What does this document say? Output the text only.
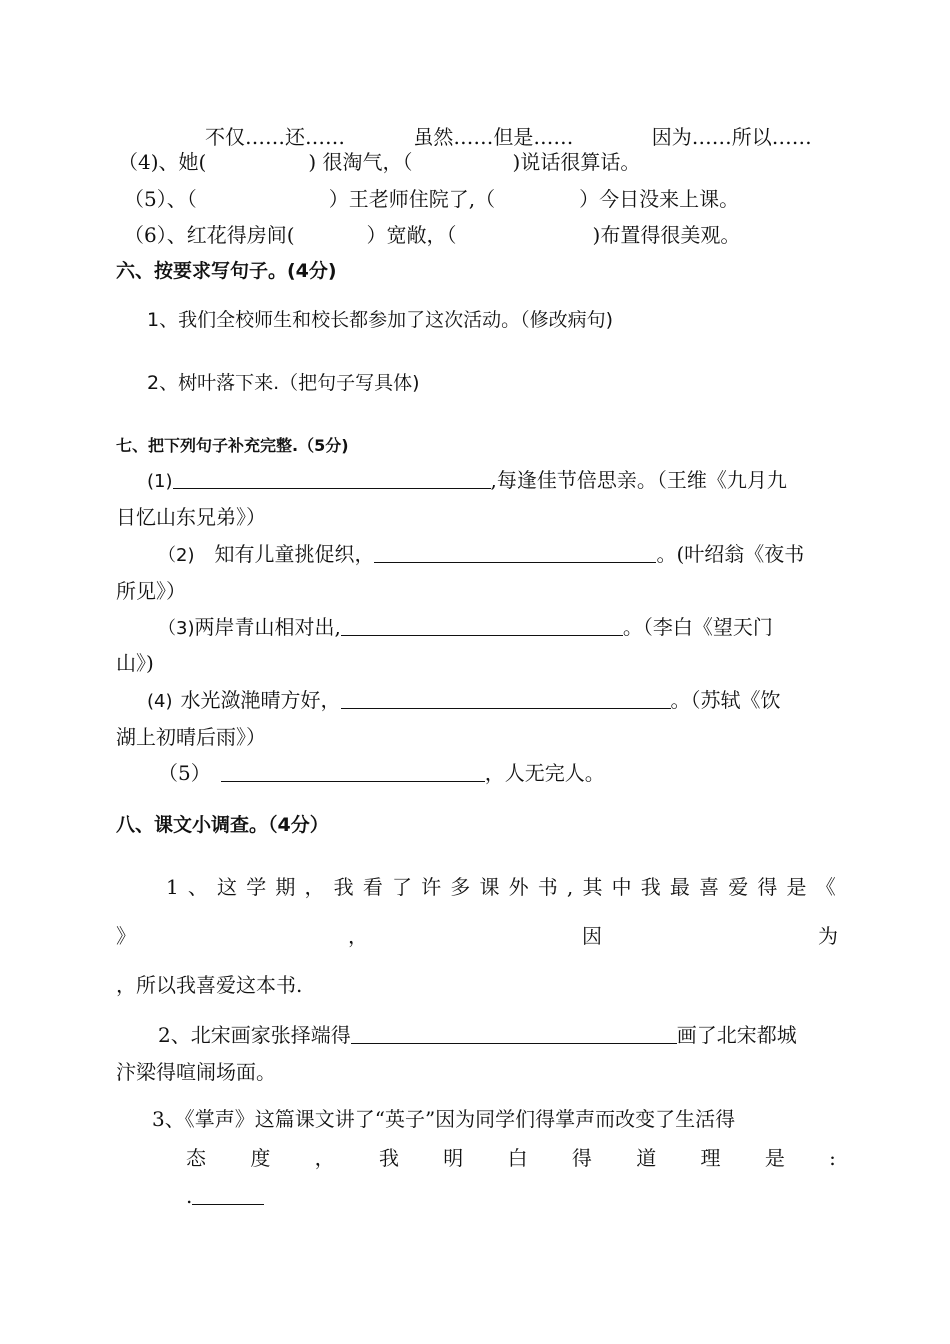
不仅……还……	虽然……但是……	因为……所以……
（4)、她(	) 很淘气，（	)说话很算话。
（5）、（	）王老师住院了,（	）今日没来上课。
（6）、红花得房间(	）宽敞，（	)布置得很美观。
六、按要求写句子。(4分)
1、我们全校师生和校长都参加了这次活动。（修改病句)
2、树叶落下来.（把句子写具体)
七、把下列句子补充完整.（5分)
(1)	,每逢佳节倍思亲。（王维《九月九
日忆山东兄弟》）
（2) 知有儿童挑促织，	。(叶绍翁《夜书
所见》）
（3)两岸青山相对出,	。（李白《望天门
山》)
(4) 水光潋滟晴方好，	。（苏轼《饮
湖上初晴后雨》）
（5）	，人无完人。
八、课文小调查。（4分）
1 、 这 学 期 ， 我 看 了 许 多 课 外 书 , 其 中 我 最 喜 爱 得 是 《
》	，	因	为
，所以我喜爱这本书.
2、北宋画家张择端得	画了北宋都城
汴梁得喧闹场面。
3、《掌声》这篇课文讲了“英子”因为同学们得掌声而改变了生活得
态 度 ， 我 明 白 得 道 理 是 :
.
